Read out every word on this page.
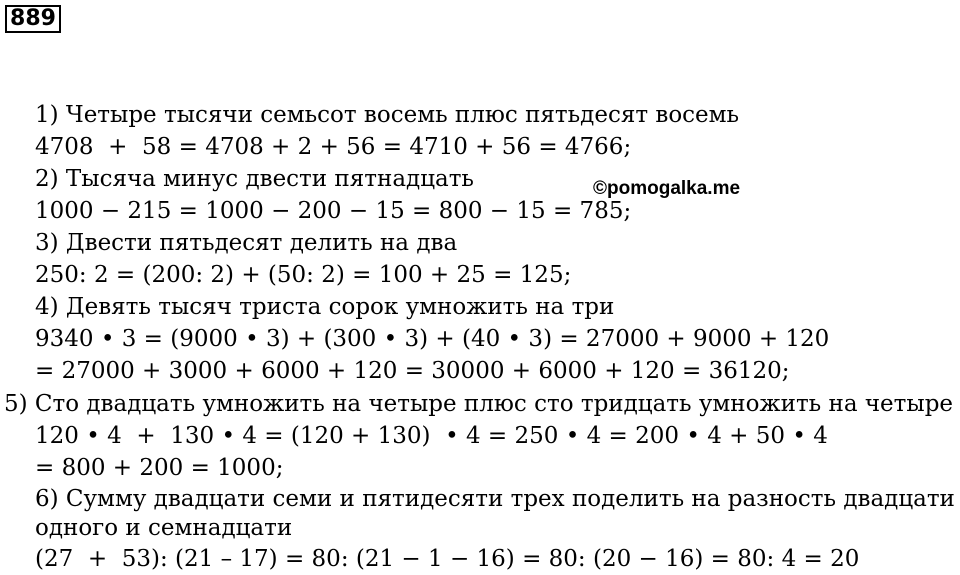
889
1) Четыре тысячи семьсот восемь плюс пятьдесят восемь
4708  +  58 = 4708 + 2 + 56 = 4710 + 56 = 4766;
2) Тысяча минус двести пятнадцать
1000 − 215 = 1000 − 200 − 15 = 800 − 15 = 785;
3) Двести пятьдесят делить на два
250: 2 = (200: 2) + (50: 2) = 100 + 25 = 125;
4) Девять тысяч триста сорок умножить на три
9340 • 3 = (9000 • 3) + (300 • 3) + (40 • 3) = 27000 + 9000 + 120
= 27000 + 3000 + 6000 + 120 = 30000 + 6000 + 120 = 36120;
5) Сто двадцать умножить на четыре плюс сто тридцать умножить на четыре
120 • 4  +  130 • 4 = (120 + 130)  • 4 = 250 • 4 = 200 • 4 + 50 • 4
= 800 + 200 = 1000;
6) Сумму двадцати семи и пятидесяти трех поделить на разность двадцати
одного и семнадцати
(27  +  53): (21 – 17) = 80: (21 − 1 − 16) = 80: (20 − 16) = 80: 4 = 20
©pomogalka.me
